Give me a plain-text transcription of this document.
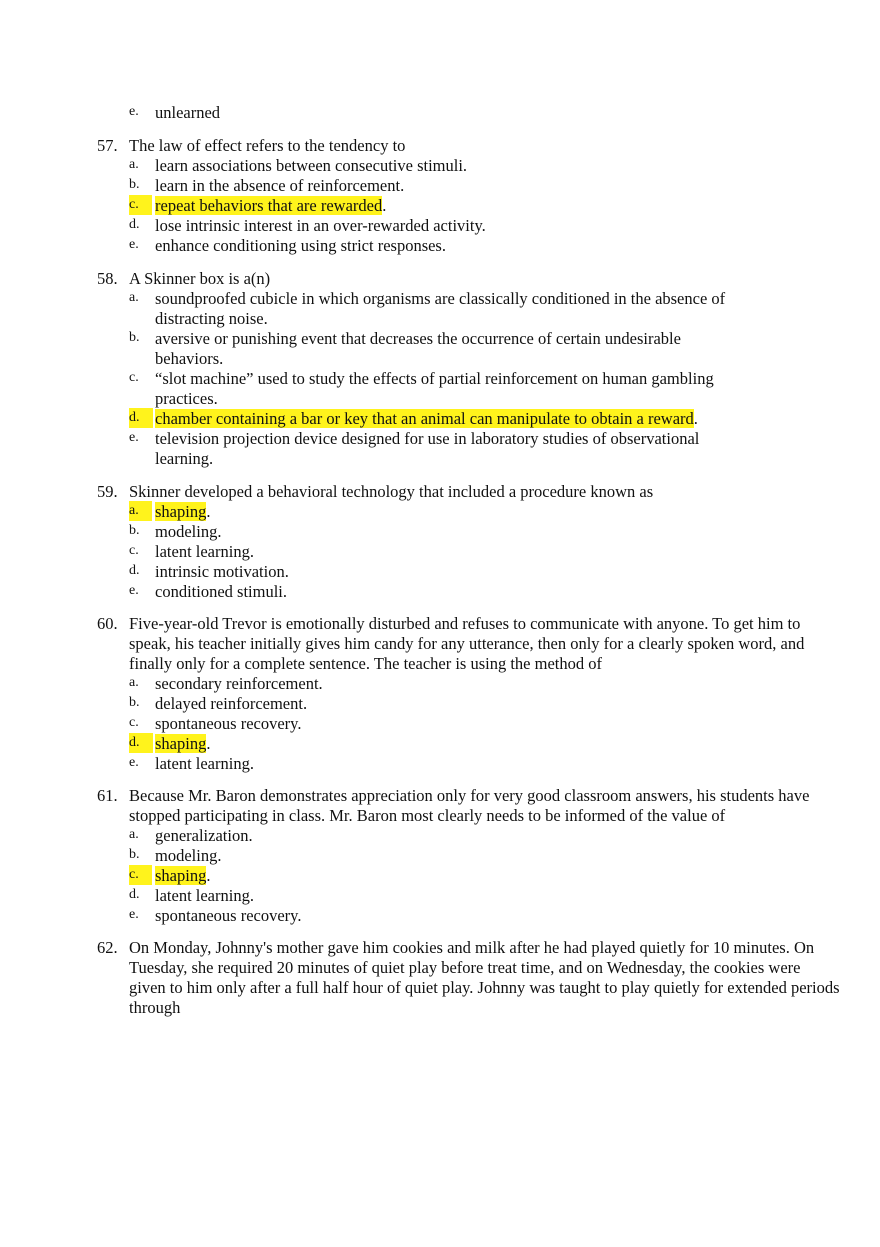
e. unlearned
57. The law of effect refers to the tendency to
a. learn associations between consecutive stimuli.
b. learn in the absence of reinforcement.
c. repeat behaviors that are rewarded.
d. lose intrinsic interest in an over-rewarded activity.
e. enhance conditioning using strict responses.
58. A Skinner box is a(n)
a. soundproofed cubicle in which organisms are classically conditioned in the absence of distracting noise.
b. aversive or punishing event that decreases the occurrence of certain undesirable behaviors.
c. “slot machine” used to study the effects of partial reinforcement on human gambling practices.
d. chamber containing a bar or key that an animal can manipulate to obtain a reward.
e. television projection device designed for use in laboratory studies of observational learning.
59. Skinner developed a behavioral technology that included a procedure known as
a. shaping.
b. modeling.
c. latent learning.
d. intrinsic motivation.
e. conditioned stimuli.
60. Five-year-old Trevor is emotionally disturbed and refuses to communicate with anyone. To get him to speak, his teacher initially gives him candy for any utterance, then only for a clearly spoken word, and finally only for a complete sentence. The teacher is using the method of
a. secondary reinforcement.
b. delayed reinforcement.
c. spontaneous recovery.
d. shaping.
e. latent learning.
61. Because Mr. Baron demonstrates appreciation only for very good classroom answers, his students have stopped participating in class. Mr. Baron most clearly needs to be informed of the value of
a. generalization.
b. modeling.
c. shaping.
d. latent learning.
e. spontaneous recovery.
62. On Monday, Johnny's mother gave him cookies and milk after he had played quietly for 10 minutes. On Tuesday, she required 20 minutes of quiet play before treat time, and on Wednesday, the cookies were given to him only after a full half hour of quiet play. Johnny was taught to play quietly for extended periods through
